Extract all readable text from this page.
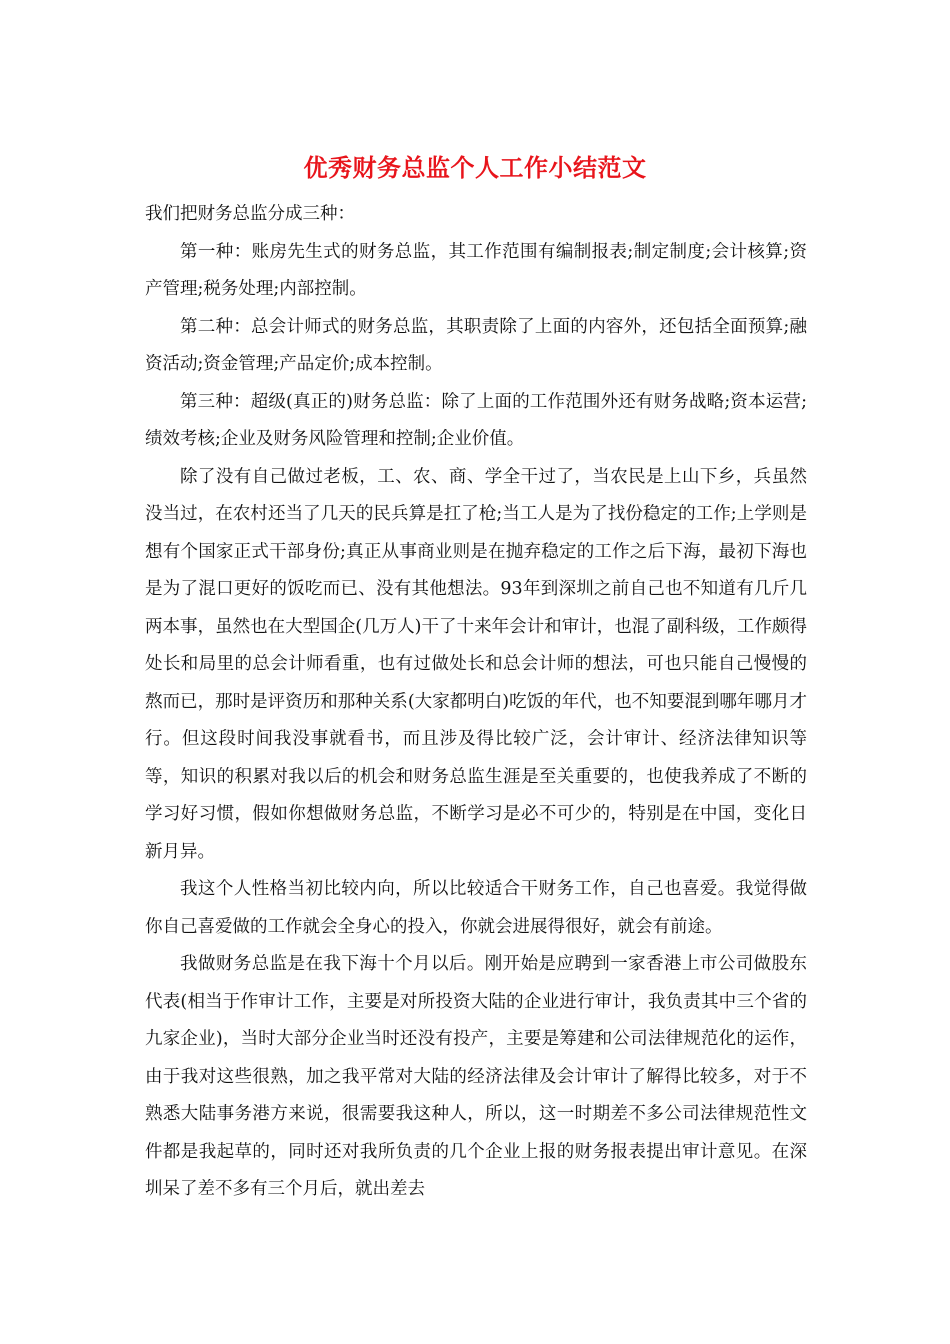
优秀财务总监个人工作小结范文

我们把财务总监分成三种：

第一种：账房先生式的财务总监，其工作范围有编制报表;制定制度;会计核算;资产管理;税务处理;内部控制。

第二种：总会计师式的财务总监，其职责除了上面的内容外，还包括全面预算;融资活动;资金管理;产品定价;成本控制。

第三种：超级(真正的)财务总监：除了上面的工作范围外还有财务战略;资本运营;绩效考核;企业及财务风险管理和控制;企业价值。

除了没有自己做过老板，工、农、商、学全干过了，当农民是上山下乡，兵虽然没当过，在农村还当了几天的民兵算是扛了枪;当工人是为了找份稳定的工作;上学则是想有个国家正式干部身份;真正从事商业则是在抛弃稳定的工作之后下海，最初下海也是为了混口更好的饭吃而已、没有其他想法。93年到深圳之前自己也不知道有几斤几两本事，虽然也在大型国企(几万人)干了十来年会计和审计，也混了副科级，工作颇得处长和局里的总会计师看重，也有过做处长和总会计师的想法，可也只能自己慢慢的熬而已，那时是评资历和那种关系(大家都明白)吃饭的年代，也不知要混到哪年哪月才行。但这段时间我没事就看书，而且涉及得比较广泛，会计审计、经济法律知识等等，知识的积累对我以后的机会和财务总监生涯是至关重要的，也使我养成了不断的学习好习惯，假如你想做财务总监，不断学习是必不可少的，特别是在中国，变化日新月异。

我这个人性格当初比较内向，所以比较适合干财务工作，自己也喜爱。我觉得做你自己喜爱做的工作就会全身心的投入，你就会进展得很好，就会有前途。

我做财务总监是在我下海十个月以后。刚开始是应聘到一家香港上市公司做股东代表(相当于作审计工作，主要是对所投资大陆的企业进行审计，我负责其中三个省的九家企业)，当时大部分企业当时还没有投产，主要是筹建和公司法律规范化的运作，由于我对这些很熟，加之我平常对大陆的经济法律及会计审计了解得比较多，对于不熟悉大陆事务港方来说，很需要我这种人，所以，这一时期差不多公司法律规范性文件都是我起草的，同时还对我所负责的几个企业上报的财务报表提出审计意见。在深圳呆了差不多有三个月后，就出差去
